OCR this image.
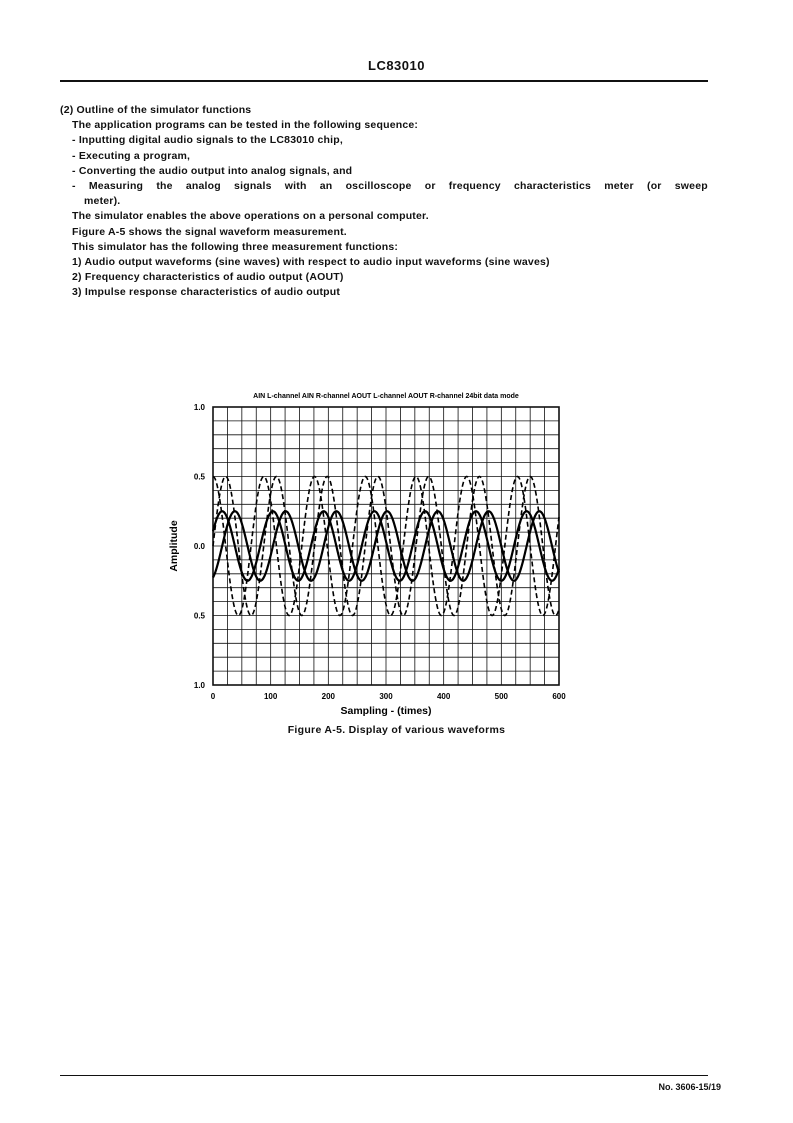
LC83010
(2) Outline of the simulator functions
The application programs can be tested in the following sequence:
- Inputting digital audio signals to the LC83010 chip,
- Executing a program,
- Converting the audio output into analog signals, and
- Measuring the analog signals with an oscilloscope or frequency characteristics meter (or sweep
meter).
The simulator enables the above operations on a personal computer.
Figure A-5 shows the signal waveform measurement.
This simulator has the following three measurement functions:
1) Audio output waveforms (sine waves) with respect to audio input waveforms (sine waves)
2) Frequency characteristics of audio output (AOUT)
3) Impulse response characteristics of audio output
AIN L-channel AIN R-channel AOUT L-channel AOUT R-channel 24bit data mode
1.0
0.5
0.0
0.5
1.0
0	100	200	300	400	500	600
Sampling - (times)
Amplitude
Figure A-5. Display of various waveforms
No. 3606-15/19
